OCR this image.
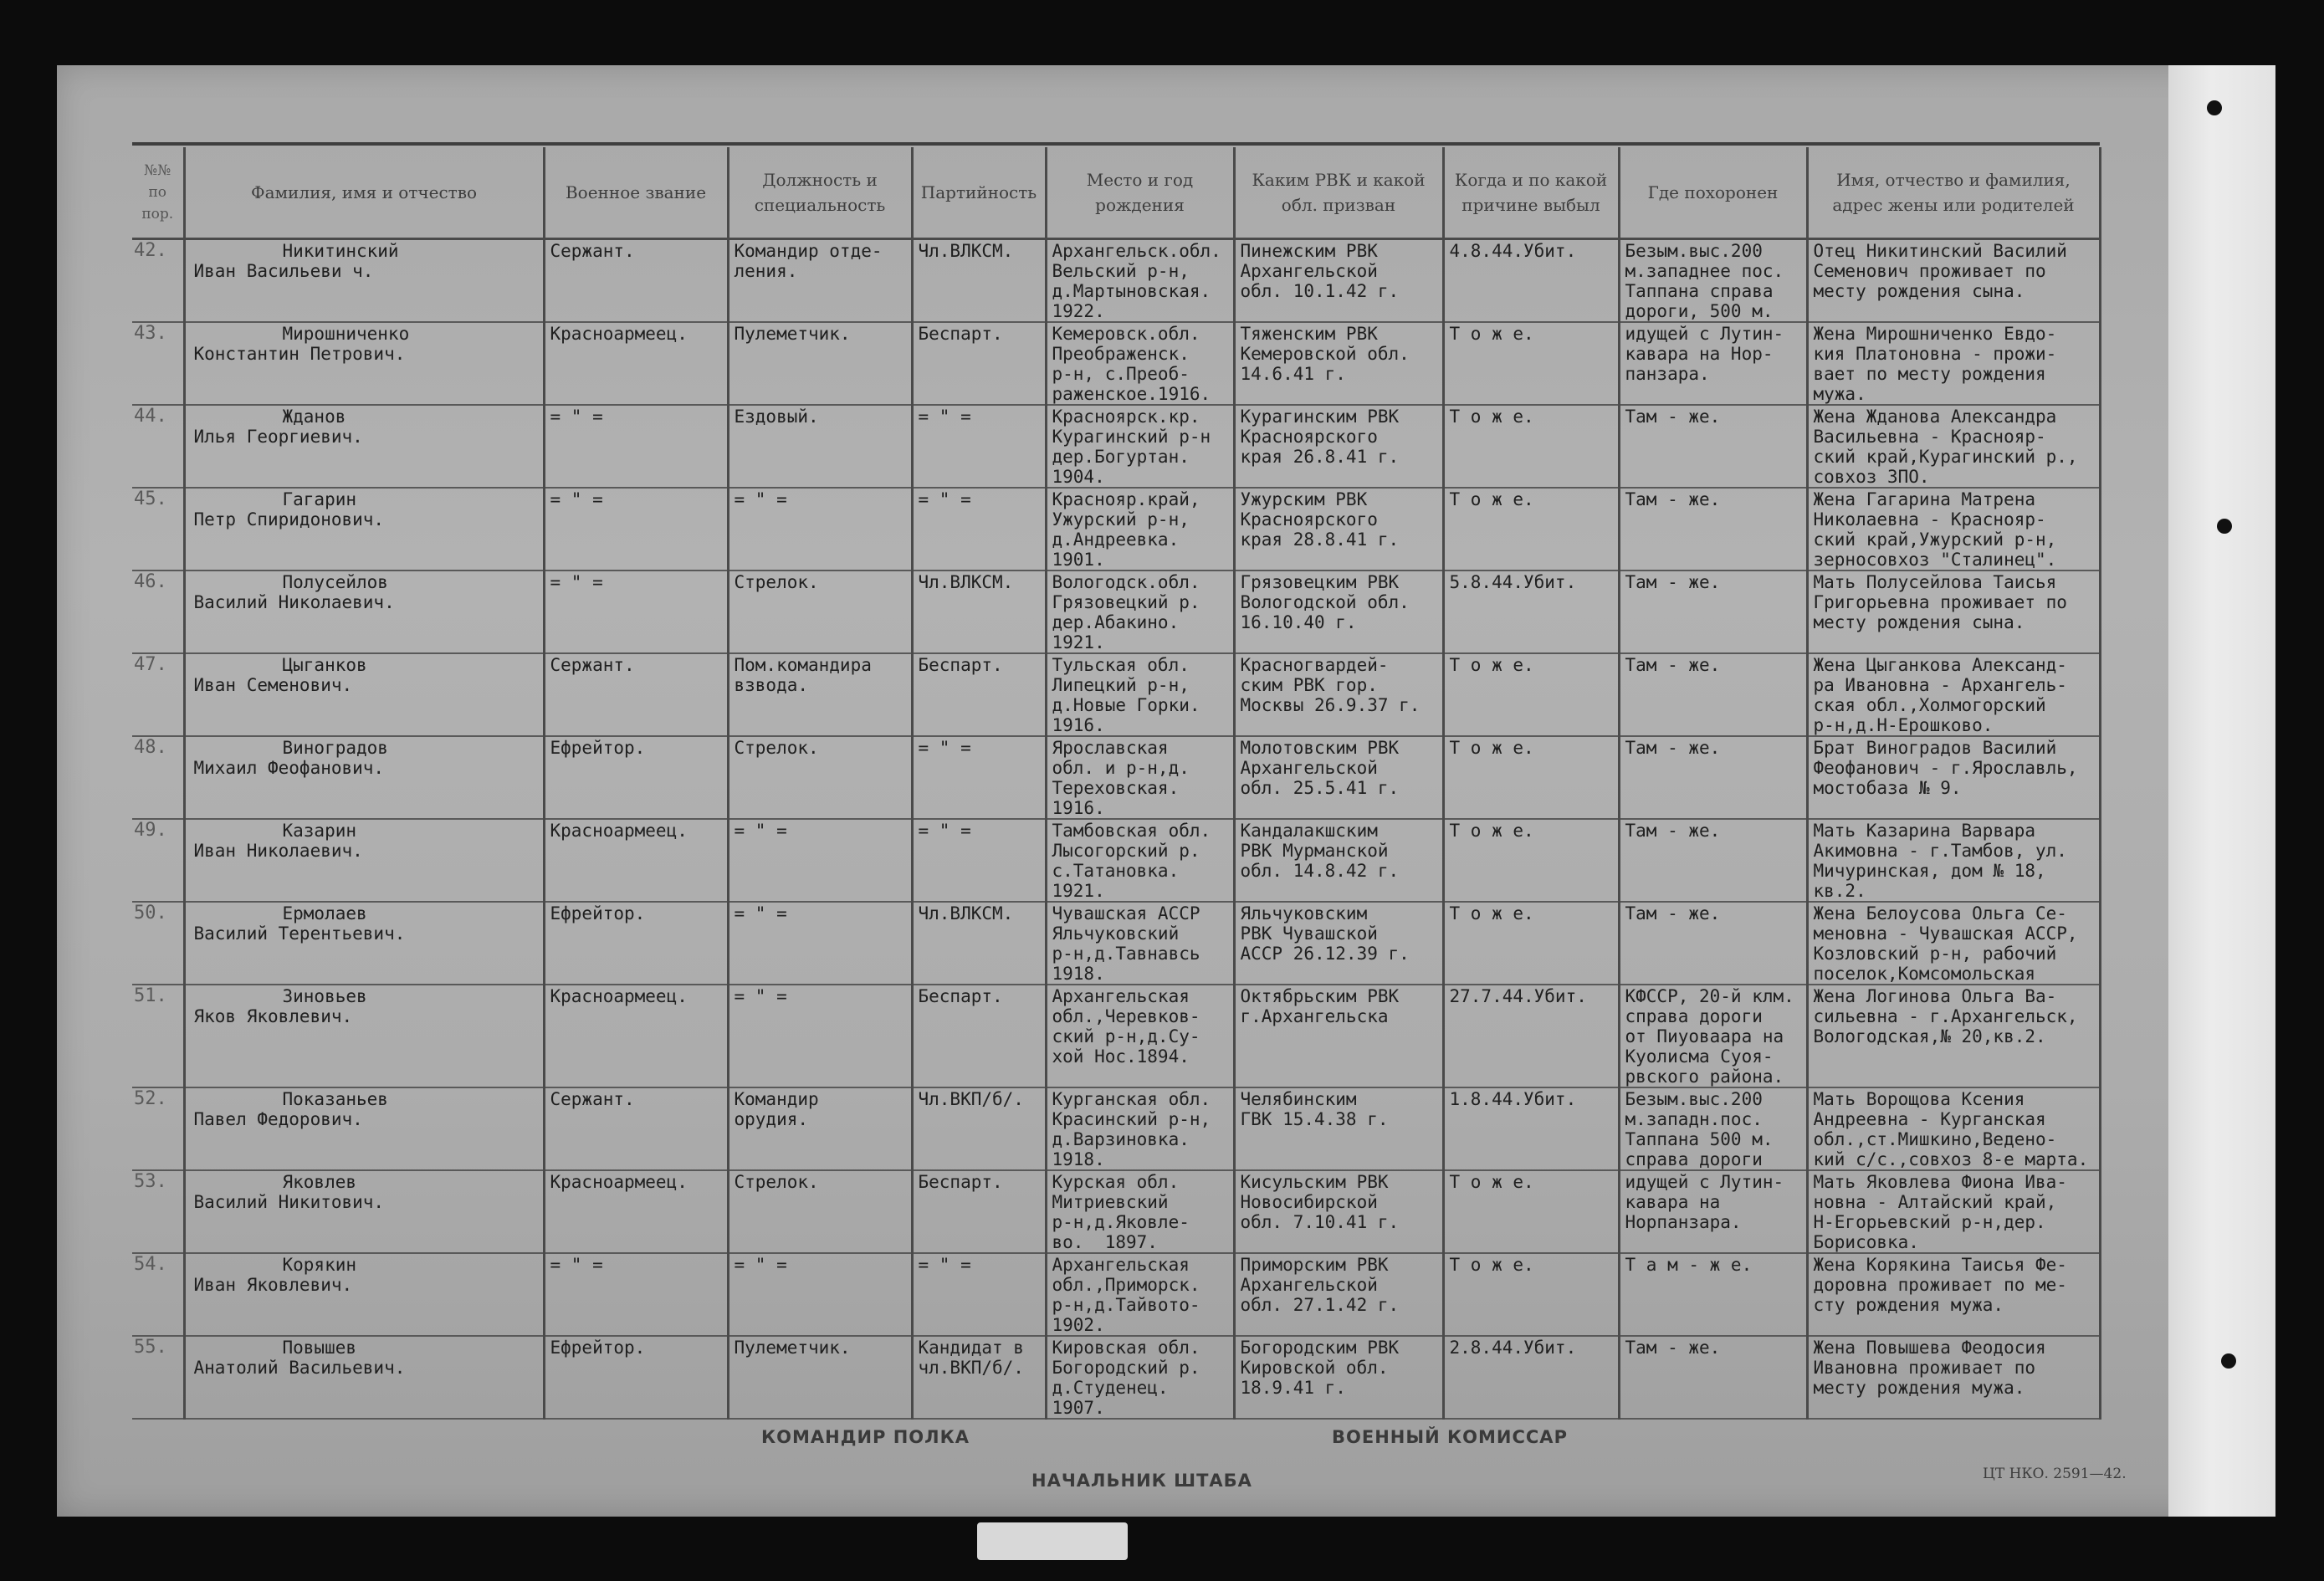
№№ по пор.	Фамилия, имя и отчество	Военное звание	Должность и специальность	Партийность	Место и год рождения	Каким РВК и какой обл. призван	Когда и по какой причине выбыл	Где похоронен	Имя, отчество и фамилия, адрес жены или родителей
42.	Никитинский
Иван Васильеви ч.	Сержант.	Командир отде-
ления.	Чл.ВЛКСМ.	Архангельск.обл.
Вельский р-н,
д.Мартыновская.
1922.	Пинежским РВК
Архангельской
обл. 10.1.42 г.	4.8.44.Убит.	Безым.выс.200
м.западнее пос.
Таппана справа
дороги, 500 м.	Отец Никитинский Василий
Семенович проживает по
месту рождения сына.
43.	Мирошниченко
Константин Петрович.	Красноармеец.	Пулеметчик.	Беспарт.	Кемеровск.обл.
Преображенск.
р-н, с.Преоб-
раженское.1916.	Тяженским РВК
Кемеровской обл.
14.6.41 г.	Т о ж е.	идущей с Лутин-
кавара на Нор-
панзара.	Жена Мирошниченко Евдо-
кия Платоновна - прожи-
вает по месту рождения
мужа.
44.	Жданов
Илья Георгиевич.	= " =	Ездовый.	= " =	Красноярск.кр.
Курагинский р-н
дер.Богуртан.
1904.	Курагинским РВК
Красноярского
края 26.8.41 г.	Т о ж е.	Там - же.	Жена Жданова Александра
Васильевна - Краснояр-
ский край,Курагинский р.,
совхоз ЗПО.
45.	Гагарин
Петр Спиридонович.	= " =	= " =	= " =	Краснояр.край,
Ужурский р-н,
д.Андреевка.
1901.	Ужурским РВК
Красноярского
края 28.8.41 г.	Т о ж е.	Там - же.	Жена Гагарина Матрена
Николаевна - Краснояр-
ский край,Ужурский р-н,
зерносовхоз "Сталинец".
46.	Полусейлов
Василий Николаевич.	= " =	Стрелок.	Чл.ВЛКСМ.	Вологодск.обл.
Грязовецкий р.
дер.Абакино.
1921.	Грязовецким РВК
Вологодской обл.
16.10.40 г.	5.8.44.Убит.	Там - же.	Мать Полусейлова Таисья
Григорьевна проживает по
месту рождения сына.
47.	Цыганков
Иван Семенович.	Сержант.	Пом.командира
взвода.	Беспарт.	Тульская обл.
Липецкий р-н,
д.Новые Горки.
1916.	Красногвардей-
ским РВК гор.
Москвы 26.9.37 г.	Т о ж е.	Там - же.	Жена Цыганкова Александ-
ра Ивановна - Архангель-
ская обл.,Холмогорский
р-н,д.Н-Ерошково.
48.	Виноградов
Михаил Феофанович.	Ефрейтор.	Стрелок.	= " =	Ярославская
обл. и р-н,д.
Тереховская.
1916.	Молотовским РВК
Архангельской
обл. 25.5.41 г.	Т о ж е.	Там - же.	Брат Виноградов Василий
Феофанович - г.Ярославль,
мостобаза № 9.
49.	Казарин
Иван Николаевич.	Красноармеец.	= " =	= " =	Тамбовская обл.
Лысогорский р.
с.Татановка.
1921.	Кандалакшским
РВК Мурманской
обл. 14.8.42 г.	Т о ж е.	Там - же.	Мать Казарина Варвара
Акимовна - г.Тамбов, ул.
Мичуринская, дом № 18,
кв.2.
50.	Ермолаев
Василий Терентьевич.	Ефрейтор.	= " =	Чл.ВЛКСМ.	Чувашская АССР
Яльчуковский
р-н,д.Тавнавсь
1918.	Яльчуковским
РВК Чувашской
АССР 26.12.39 г.	Т о ж е.	Там - же.	Жена Белоусова Ольга Се-
меновна - Чувашская АССР,
Козловский р-н, рабочий
поселок,Комсомольская
51.	Зиновьев
Яков Яковлевич.	Красноармеец.	= " =	Беспарт.	Архангельская
обл.,Черевков-
ский р-н,д.Су-
хой Нос.1894.	Октябрьским РВК
г.Архангельска	27.7.44.Убит.	КФССР, 20-й клм.
справа дороги
от Пиуоваара на
Куолисма Суоя-
рвского района.	Жена Логинова Ольга Ва-
сильевна - г.Архангельск,
Вологодская,№ 20,кв.2.
52.	Показаньев
Павел Федорович.	Сержант.	Командир
орудия.	Чл.ВКП/б/.	Курганская обл.
Красинский р-н,
д.Варзиновка.
1918.	Челябинским
ГВК 15.4.38 г.	1.8.44.Убит.	Безым.выс.200
м.западн.пос.
Таппана 500 м.
справа дороги	Мать Ворощова Ксения
Андреевна - Курганская
обл.,ст.Мишкино,Ведено-
кий с/с.,совхоз 8-е марта.
53.	Яковлев
Василий Никитович.	Красноармеец.	Стрелок.	Беспарт.	Курская обл.
Митриевский
р-н,д.Яковле-
во.  1897.	Кисульским РВК
Новосибирской
обл. 7.10.41 г.	Т о ж е.	идущей с Лутин-
кавара на
Норпанзара.	Мать Яковлева Фиона Ива-
новна - Алтайский край,
Н-Егорьевский р-н,дер.
Борисовка.
54.	Корякин
Иван Яковлевич.	= " =	= " =	= " =	Архангельская
обл.,Приморск.
р-н,д.Тайвото-
1902.	Приморским РВК
Архангельской
обл. 27.1.42 г.	Т о ж е.	Т а м - ж е.	Жена Корякина Таисья Фе-
доровна проживает по ме-
сту рождения мужа.
55.	Повышев
Анатолий Васильевич.	Ефрейтор.	Пулеметчик.	Кандидат в
чл.ВКП/б/.	Кировская обл.
Богородский р.
д.Студенец.
1907.	Богородским РВК
Кировской обл.
18.9.41 г.	2.8.44.Убит.	Там - же.	Жена Повышева Феодосия
Ивановна проживает по
месту рождения мужа.
КОМАНДИР ПОЛКА	ВОЕННЫЙ КОМИССАР
НАЧАЛЬНИК ШТАБА	ЦТ НКО. 2591—42.
